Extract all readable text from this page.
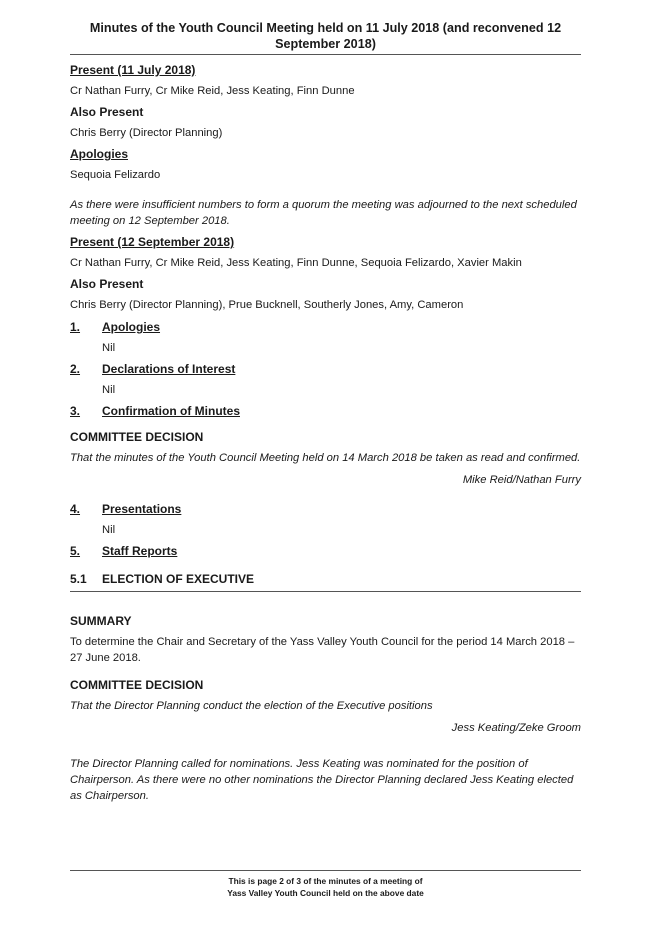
Minutes of the Youth Council Meeting held on 11 July 2018 (and reconvened 12 September 2018)
Present (11 July 2018)
Cr Nathan Furry, Cr Mike Reid, Jess Keating, Finn Dunne
Also Present
Chris Berry (Director Planning)
Apologies
Sequoia Felizardo
As there were insufficient numbers to form a quorum the meeting was adjourned to the next scheduled meeting on 12 September 2018.
Present (12 September 2018)
Cr Nathan Furry, Cr Mike Reid, Jess Keating, Finn Dunne, Sequoia Felizardo, Xavier Makin
Also Present
Chris Berry (Director Planning), Prue Bucknell, Southerly Jones, Amy, Cameron
1.	Apologies
Nil
2.	Declarations of Interest
Nil
3.	Confirmation of Minutes
COMMITTEE DECISION
That the minutes of the Youth Council Meeting held on 14 March 2018 be taken as read and confirmed.
Mike Reid/Nathan Furry
4.	Presentations
Nil
5.	Staff Reports
5.1	ELECTION OF EXECUTIVE
SUMMARY
To determine the Chair and Secretary of the Yass Valley Youth Council for the period 14 March 2018 – 27 June 2018.
COMMITTEE DECISION
That the Director Planning conduct the election of the Executive positions
Jess Keating/Zeke Groom
The Director Planning called for nominations. Jess Keating was nominated for the position of Chairperson. As there were no other nominations the Director Planning declared Jess Keating elected as Chairperson.
This is page 2 of 3 of the minutes of a meeting of
Yass Valley Youth Council held on the above date
